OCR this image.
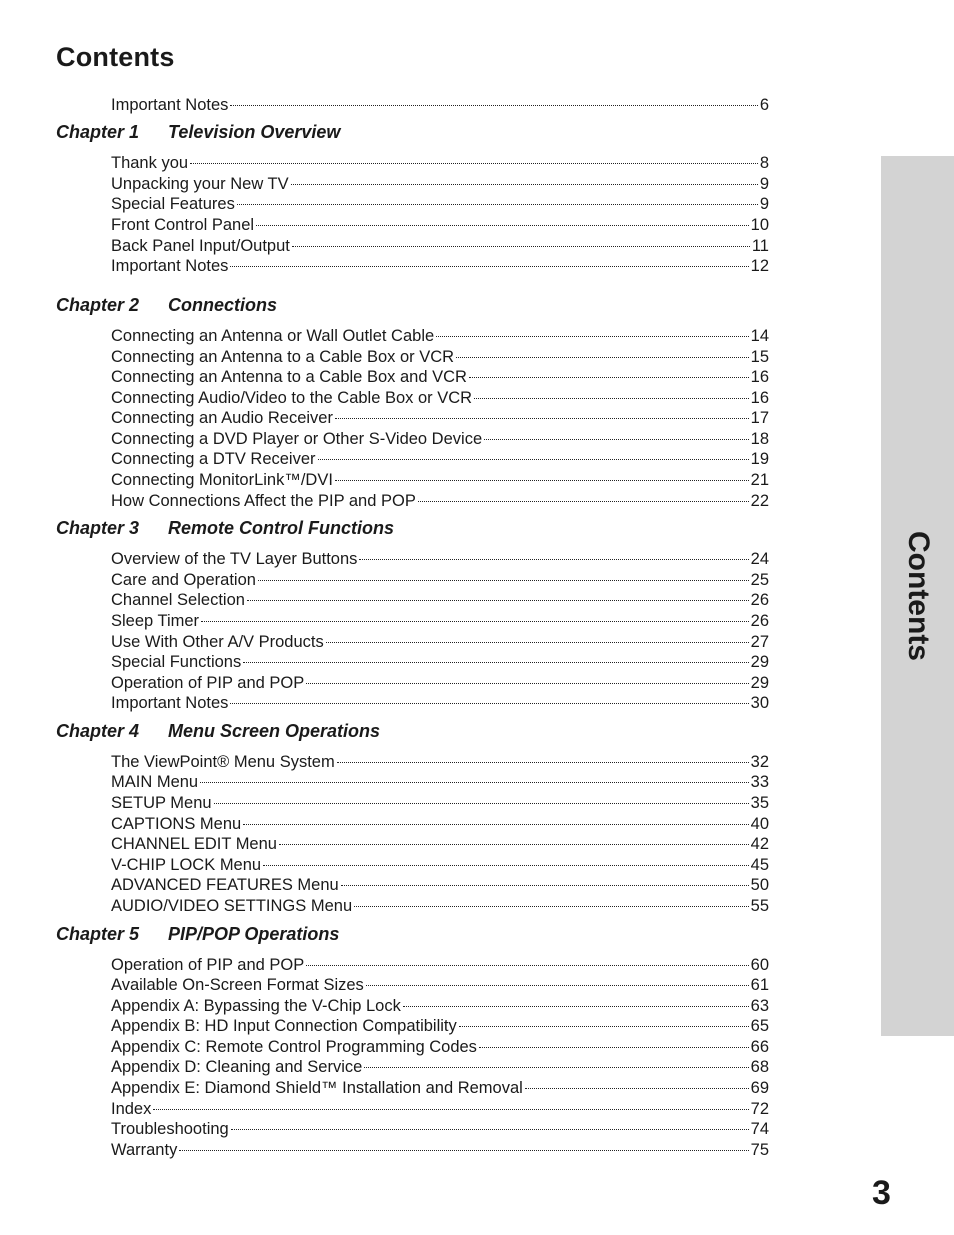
Contents
Important Notes	6
Chapter 1 Television Overview
Thank you	8
Unpacking your New TV	9
Special Features	9
Front Control Panel	10
Back Panel Input/Output	11
Important Notes	12
Chapter 2 Connections
Connecting an Antenna or Wall Outlet Cable	14
Connecting an Antenna to a Cable Box or VCR	15
Connecting an Antenna to a Cable Box and VCR	16
Connecting Audio/Video to the Cable Box or VCR	16
Connecting an Audio Receiver	17
Connecting a DVD Player or Other S-Video Device	18
Connecting a DTV Receiver	19
Connecting MonitorLink™/DVI	21
How Connections Affect the PIP and POP	22
Chapter 3 Remote Control Functions
Overview of the TV Layer Buttons	24
Care and Operation	25
Channel Selection	26
Sleep Timer	26
Use With Other A/V Products	27
Special Functions	29
Operation of PIP and POP	29
Important Notes	30
Chapter 4 Menu Screen Operations
The ViewPoint® Menu System	32
MAIN Menu	33
SETUP Menu	35
CAPTIONS Menu	40
CHANNEL EDIT Menu	42
V-CHIP LOCK Menu	45
ADVANCED FEATURES Menu	50
AUDIO/VIDEO SETTINGS Menu	55
Chapter 5 PIP/POP Operations
Operation of PIP and POP	60
Available On-Screen Format Sizes	61
Appendix A: Bypassing the V-Chip Lock	63
Appendix B: HD Input Connection Compatibility	65
Appendix C: Remote Control Programming Codes	66
Appendix D: Cleaning and Service	68
Appendix E: Diamond Shield™ Installation and Removal	69
Index	72
Troubleshooting	74
Warranty	75
Contents
3
